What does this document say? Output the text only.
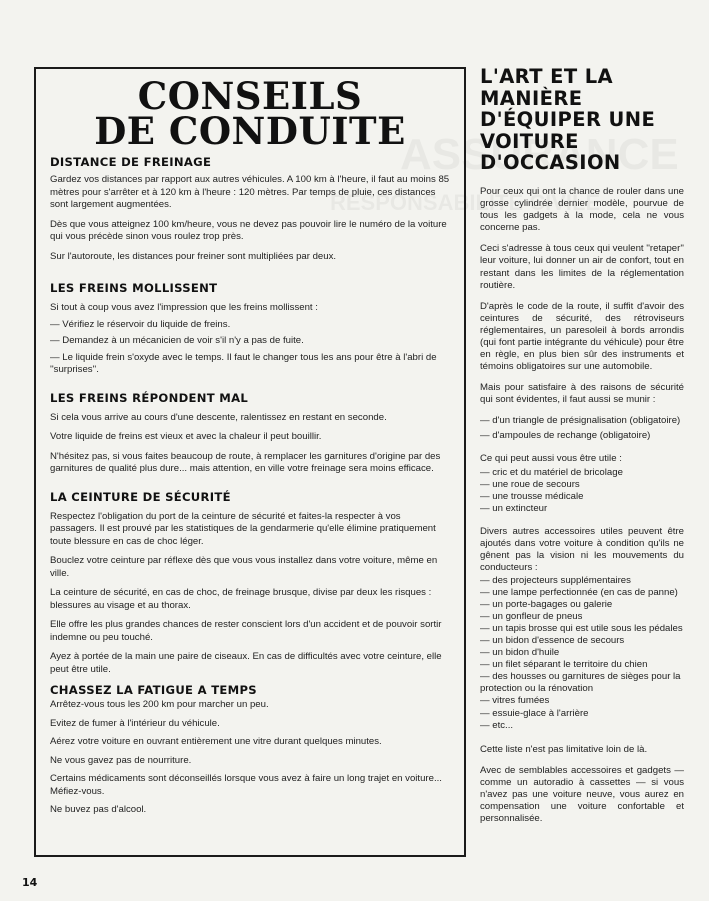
CONSEILS
DE CONDUITE
DISTANCE DE FREINAGE

Gardez vos distances par rapport aux autres véhicules. A 100 km à l'heure, il faut au moins 85 mètres pour s'arrêter et à 120 km à l'heure : 120 mètres. Par temps de pluie, ces distances sont largement augmentées.

Dès que vous atteignez 100 km/heure, vous ne devez pas pouvoir lire le numéro de la voiture qui vous précède sinon vous roulez trop près.

Sur l'autoroute, les distances pour freiner sont multipliées par deux.

LES FREINS MOLLISSENT

Si tout à coup vous avez l'impression que les freins mollissent :

— Vérifiez le réservoir du liquide de freins.

— Demandez à un mécanicien de voir s'il n'y a pas de fuite.

— Le liquide frein s'oxyde avec le temps. Il faut le changer tous les ans pour être à l'abri de ''surprises''.

LES FREINS RÉPONDENT MAL

Si cela vous arrive au cours d'une descente, ralentissez en restant en seconde.

Votre liquide de freins est vieux et avec la chaleur il peut bouillir.

N'hésitez pas, si vous faites beaucoup de route, à remplacer les garnitures d'origine par des garnitures de qualité plus dure... mais attention, en ville votre freinage sera moins efficace.

LA CEINTURE DE SÉCURITÉ

Respectez l'obligation du port de la ceinture de sécurité et faites-la respecter à vos passagers. Il est prouvé par les statistiques de la gendarmerie qu'elle élimine pratiquement toute blessure en cas de choc léger.

Bouclez votre ceinture par réflexe dès que vous vous installez dans votre voiture, même en ville.

La ceinture de sécurité, en cas de choc, de freinage brusque, divise par deux les risques : blessures au visage et au thorax.

Elle offre les plus grandes chances de rester conscient lors d'un accident et de pouvoir sortir indemne ou peu touché.

Ayez à portée de la main une paire de ciseaux. En cas de difficultés avec votre ceinture, elle peut être utile.

CHASSEZ LA FATIGUE A TEMPS

Arrêtez-vous tous les 200 km pour marcher un peu.

Evitez de fumer à l'intérieur du véhicule.

Aérez votre voiture en ouvrant entièrement une vitre durant quelques minutes.

Ne vous gavez pas de nourriture.

Certains médicaments sont déconseillés lorsque vous avez à faire un long trajet en voiture... Méfiez-vous.

Ne buvez pas d'alcool.

L'ART ET LA
MANIÈRE
D'ÉQUIPER UNE
VOITURE
D'OCCASION

Pour ceux qui ont la chance de rouler dans une grosse cylindrée dernier modèle, pourvue de tous les gadgets à la mode, cela ne vous concerne pas.

Ceci s'adresse à tous ceux qui veulent ''retaper'' leur voiture, lui donner un air de confort, tout en restant dans les limites de la réglementation routière.

D'après le code de la route, il suffit d'avoir des ceintures de sécurité, des rétroviseurs réglementaires, un paresoleil à bords arrondis (qui font partie intégrante du véhicule) pour être en règle, en plus bien sûr des instruments et témoins obligatoires sur une automobile.

Mais pour satisfaire à des raisons de sécurité qui sont évidentes, il faut aussi se munir :

— d'un triangle de présignalisation (obligatoire)

— d'ampoules de rechange (obligatoire)

Ce qui peut aussi vous être utile :

— cric et du matériel de bricolage

— une roue de secours

— une trousse médicale

— un extincteur

Divers autres accessoires utiles peuvent être ajoutés dans votre voiture à condition qu'ils ne gênent pas la vision ni les mouvements du conducteurs :

— des projecteurs supplémentaires

— une lampe perfectionnée (en cas de panne)

— un porte-bagages ou galerie

— un gonfleur de pneus

— un tapis brosse qui est utile sous les pédales

— un bidon d'essence de secours

— un bidon d'huile

— un filet séparant le territoire du chien

— des housses ou garnitures de sièges pour la protection ou la rénovation

— vitres fumées

— essuie-glace à l'arrière

— etc...

Cette liste n'est pas limitative loin de là.

Avec de semblables accessoires et gadgets — comme un autoradio à cassettes — si vous n'avez pas une voiture neuve, vous aurez en compensation une voiture confortable et personnalisée.

14
